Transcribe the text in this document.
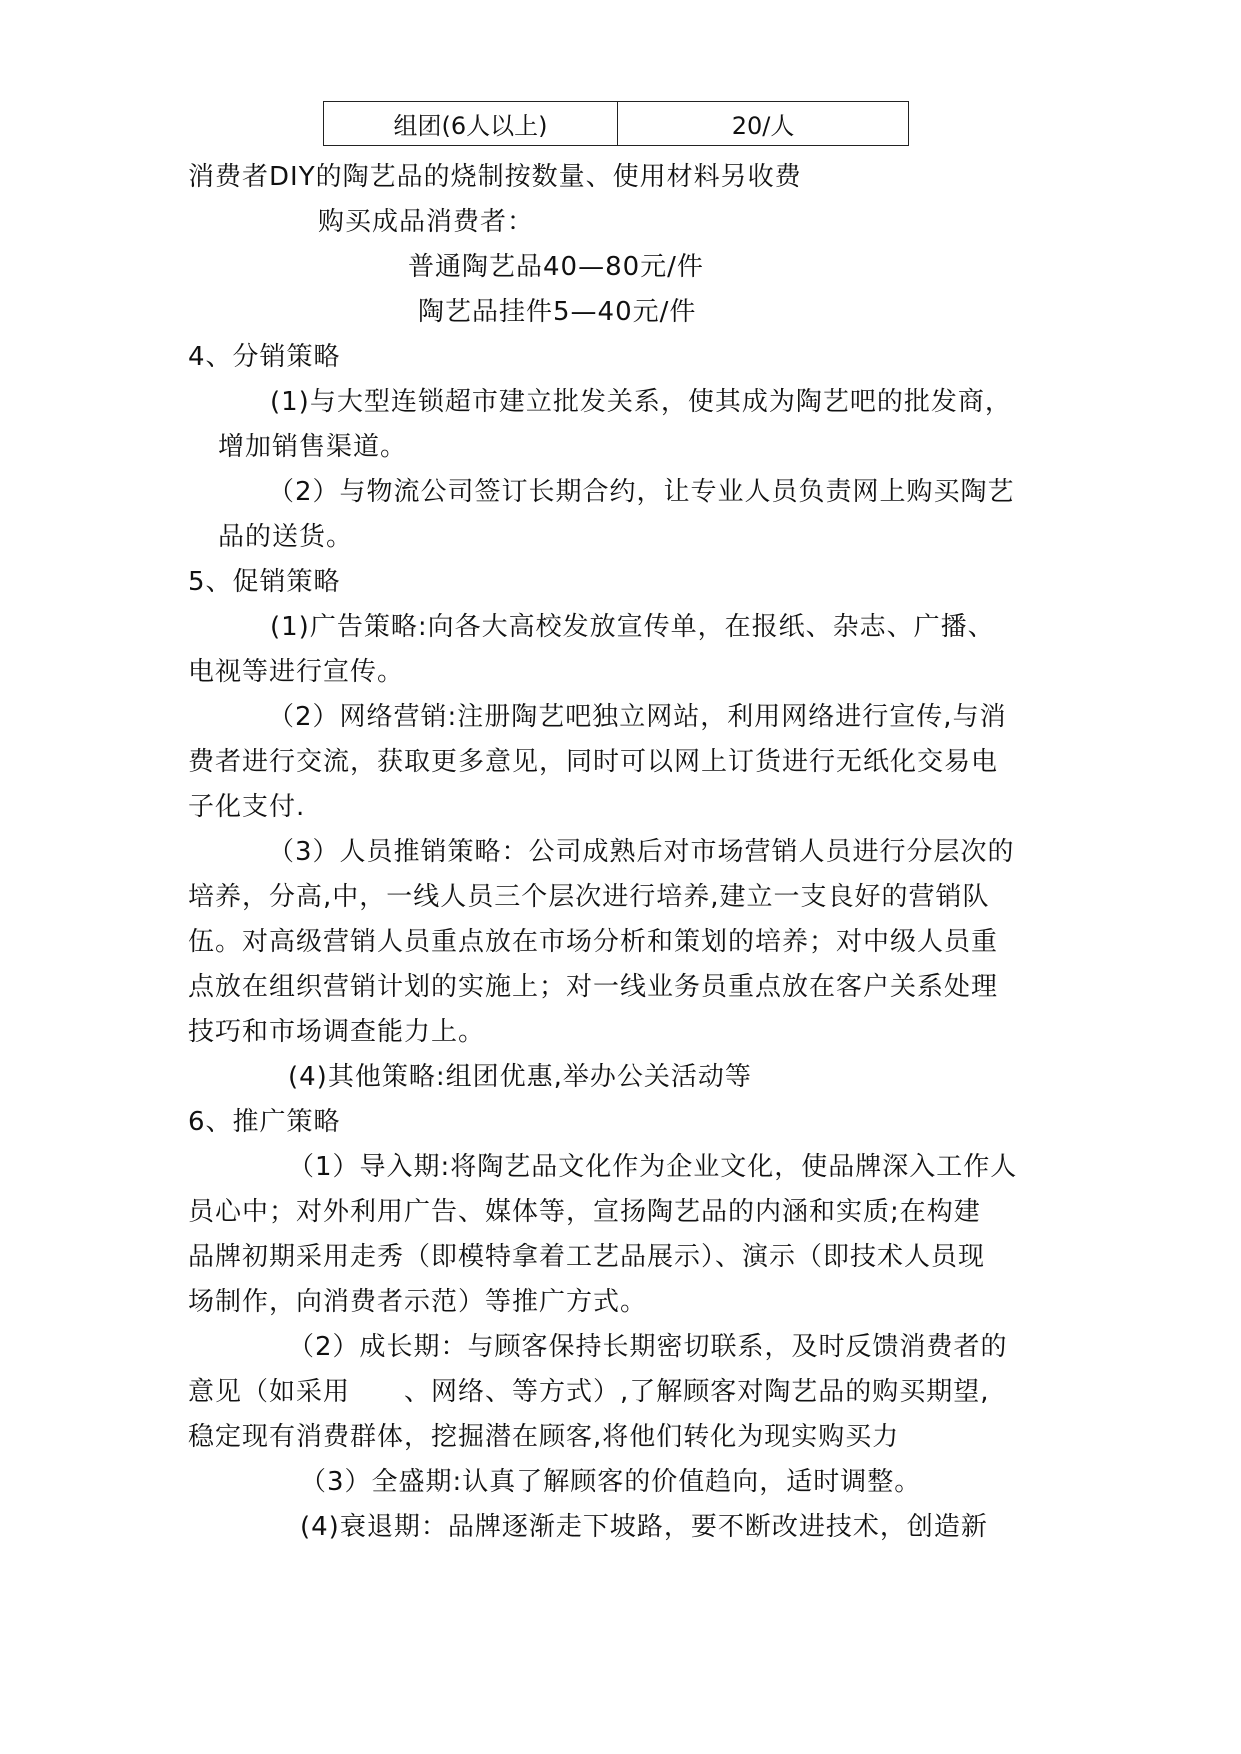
组团(6人以上)	20/人
消费者DIY的陶艺品的烧制按数量、使用材料另收费
购买成品消费者：
普通陶艺品40—80元/件
陶艺品挂件5—40元/件
4、分销策略
(1)与大型连锁超市建立批发关系，使其成为陶艺吧的批发商，
增加销售渠道。
（2）与物流公司签订长期合约，让专业人员负责网上购买陶艺
品的送货。
5、促销策略
(1)广告策略:向各大高校发放宣传单，在报纸、杂志、广播、
电视等进行宣传。
（2）网络营销:注册陶艺吧独立网站，利用网络进行宣传,与消
费者进行交流，获取更多意见，同时可以网上订货进行无纸化交易电
子化支付.
（3）人员推销策略：公司成熟后对市场营销人员进行分层次的
培养，分高,中，一线人员三个层次进行培养,建立一支良好的营销队
伍。对高级营销人员重点放在市场分析和策划的培养；对中级人员重
点放在组织营销计划的实施上；对一线业务员重点放在客户关系处理
技巧和市场调查能力上。
(4)其他策略:组团优惠,举办公关活动等
6、推广策略
（1）导入期:将陶艺品文化作为企业文化，使品牌深入工作人
员心中；对外利用广告、媒体等，宣扬陶艺品的内涵和实质;在构建
品牌初期采用走秀（即模特拿着工艺品展示）、演示（即技术人员现
场制作，向消费者示范）等推广方式。
（2）成长期：与顾客保持长期密切联系，及时反馈消费者的
意见（如采用　　、网络、等方式）,了解顾客对陶艺品的购买期望,
稳定现有消费群体，挖掘潜在顾客,将他们转化为现实购买力
（3）全盛期:认真了解顾客的价值趋向，适时调整。
(4)衰退期：品牌逐渐走下坡路，要不断改进技术，创造新
